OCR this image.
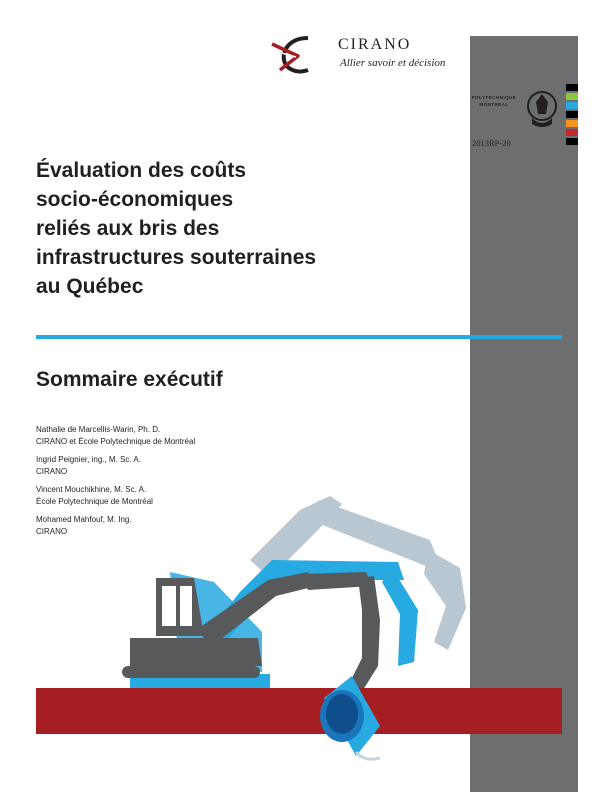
CIRANO
Allier savoir et décision
POLYTECHNIQUE
MONTRÉAL
2013RP-20
Évaluation des coûts
socio-économiques
reliés aux bris des
infrastructures souterraines
au Québec
Sommaire exécutif
Nathalie de Marcellis-Warin, Ph. D.
CIRANO et École Polytechnique de Montréal
Ingrid Peignier, ing., M. Sc. A.
CIRANO
Vincent Mouchikhine, M. Sc. A.
École Polytechnique de Montréal
Mohamed Mahfouf, M. Ing.
CIRANO
